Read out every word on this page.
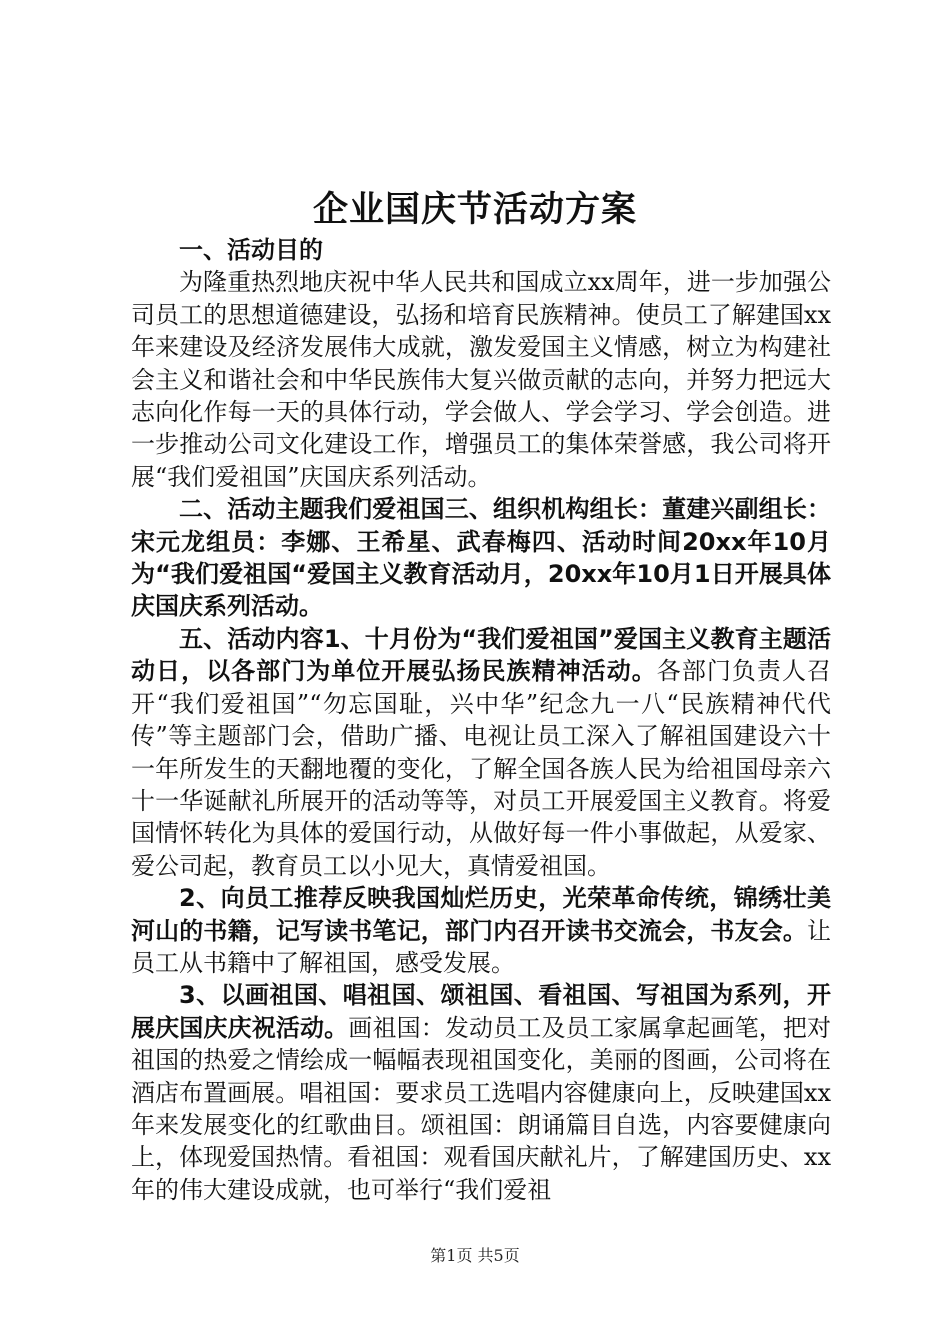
企业国庆节活动方案

一、活动目的

为隆重热烈地庆祝中华人民共和国成立xx周年，进一步加强公司员工的思想道德建设，弘扬和培育民族精神。使员工了解建国xx年来建设及经济发展伟大成就，激发爱国主义情感，树立为构建社会主义和谐社会和中华民族伟大复兴做贡献的志向，并努力把远大志向化作每一天的具体行动，学会做人、学会学习、学会创造。进一步推动公司文化建设工作，增强员工的集体荣誉感，我公司将开展“我们爱祖国”庆国庆系列活动。

二、活动主题我们爱祖国三、组织机构组长：董建兴副组长：宋元龙组员：李娜、王希星、武春梅四、活动时间20xx年10月为“我们爱祖国“爱国主义教育活动月，20xx年10月1日开展具体庆国庆系列活动。

五、活动内容1、十月份为“我们爱祖国”爱国主义教育主题活动日，以各部门为单位开展弘扬民族精神活动。各部门负责人召开“我们爱祖国”“勿忘国耻，兴中华”纪念九一八“民族精神代代传”等主题部门会，借助广播、电视让员工深入了解祖国建设六十一年所发生的天翻地覆的变化，了解全国各族人民为给祖国母亲六十一华诞献礼所展开的活动等等，对员工开展爱国主义教育。将爱国情怀转化为具体的爱国行动，从做好每一件小事做起，从爱家、爱公司起，教育员工以小见大，真情爱祖国。

2、向员工推荐反映我国灿烂历史，光荣革命传统，锦绣壮美河山的书籍，记写读书笔记，部门内召开读书交流会，书友会。让员工从书籍中了解祖国，感受发展。

3、以画祖国、唱祖国、颂祖国、看祖国、写祖国为系列，开展庆国庆庆祝活动。画祖国：发动员工及员工家属拿起画笔，把对祖国的热爱之情绘成一幅幅表现祖国变化，美丽的图画，公司将在酒店布置画展。唱祖国：要求员工选唱内容健康向上，反映建国xx年来发展变化的红歌曲目。颂祖国：朗诵篇目自选，内容要健康向上，体现爱国热情。看祖国：观看国庆献礼片，了解建国历史、xx年的伟大建设成就，也可举行“我们爱祖

第1页 共5页
